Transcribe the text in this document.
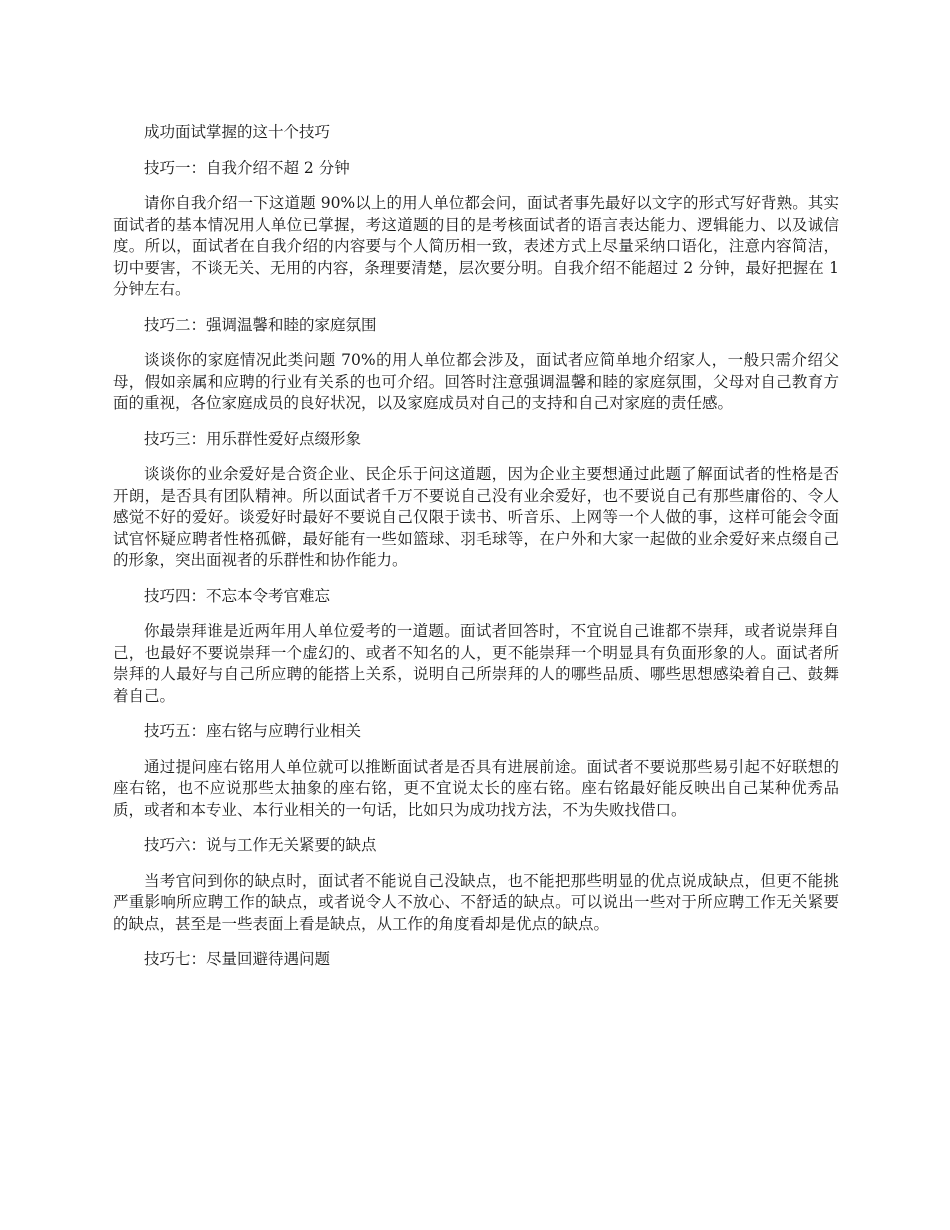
成功面试掌握的这十个技巧

技巧一：自我介绍不超 2 分钟

请你自我介绍一下这道题 90%以上的用人单位都会问，面试者事先最好以文字的形式写好背熟。其实面试者的基本情况用人单位已掌握，考这道题的目的是考核面试者的语言表达能力、逻辑能力、以及诚信度。所以，面试者在自我介绍的内容要与个人简历相一致，表述方式上尽量采纳口语化，注意内容简洁，切中要害，不谈无关、无用的内容，条理要清楚，层次要分明。自我介绍不能超过 2 分钟，最好把握在 1 分钟左右。

技巧二：强调温馨和睦的家庭氛围

谈谈你的家庭情况此类问题 70%的用人单位都会涉及，面试者应简单地介绍家人，一般只需介绍父母，假如亲属和应聘的行业有关系的也可介绍。回答时注意强调温馨和睦的家庭氛围，父母对自己教育方面的重视，各位家庭成员的良好状况，以及家庭成员对自己的支持和自己对家庭的责任感。

技巧三：用乐群性爱好点缀形象

谈谈你的业余爱好是合资企业、民企乐于问这道题，因为企业主要想通过此题了解面试者的性格是否开朗，是否具有团队精神。所以面试者千万不要说自己没有业余爱好，也不要说自己有那些庸俗的、令人感觉不好的爱好。谈爱好时最好不要说自己仅限于读书、听音乐、上网等一个人做的事，这样可能会令面试官怀疑应聘者性格孤僻，最好能有一些如篮球、羽毛球等，在户外和大家一起做的业余爱好来点缀自己的形象，突出面视者的乐群性和协作能力。

技巧四：不忘本令考官难忘

你最崇拜谁是近两年用人单位爱考的一道题。面试者回答时，不宜说自己谁都不崇拜，或者说崇拜自己，也最好不要说崇拜一个虚幻的、或者不知名的人，更不能崇拜一个明显具有负面形象的人。面试者所崇拜的人最好与自己所应聘的能搭上关系，说明自己所崇拜的人的哪些品质、哪些思想感染着自己、鼓舞着自己。

技巧五：座右铭与应聘行业相关

通过提问座右铭用人单位就可以推断面试者是否具有进展前途。面试者不要说那些易引起不好联想的座右铭，也不应说那些太抽象的座右铭，更不宜说太长的座右铭。座右铭最好能反映出自己某种优秀品质，或者和本专业、本行业相关的一句话，比如只为成功找方法，不为失败找借口。

技巧六：说与工作无关紧要的缺点

当考官问到你的缺点时，面试者不能说自己没缺点，也不能把那些明显的优点说成缺点，但更不能挑严重影响所应聘工作的缺点，或者说令人不放心、不舒适的缺点。可以说出一些对于所应聘工作无关紧要的缺点，甚至是一些表面上看是缺点，从工作的角度看却是优点的缺点。

技巧七：尽量回避待遇问题
